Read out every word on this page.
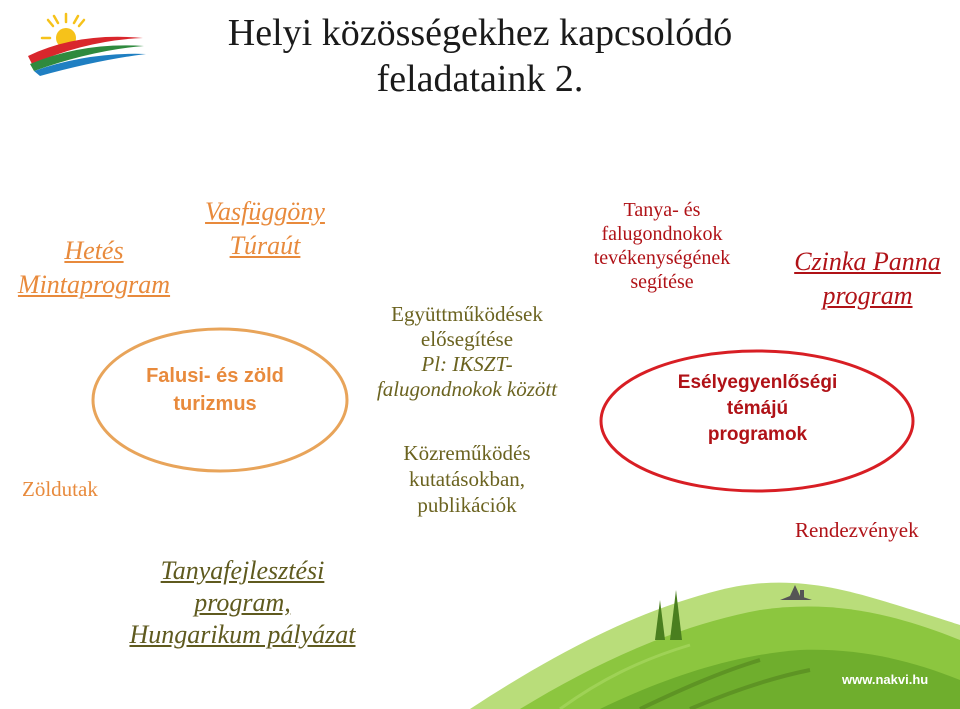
Helyi közösségekhez kapcsolódó
feladataink 2.
Hetés
Mintaprogram
Vasfüggöny
Túraút
Falusi- és zöld
turizmus
Zöldutak
Tanyafejlesztési
program,
Hungarikum pályázat
Együttműködések
elősegítése
Pl: IKSZT-
falugondnokok között
Közreműködés
kutatásokban,
publikációk
Tanya- és
falugondnokok
tevékenységének
segítése
Czinka Panna
program
Esélyegyenlőségi
témájú
programok
Rendezvények
www.nakvi.hu
